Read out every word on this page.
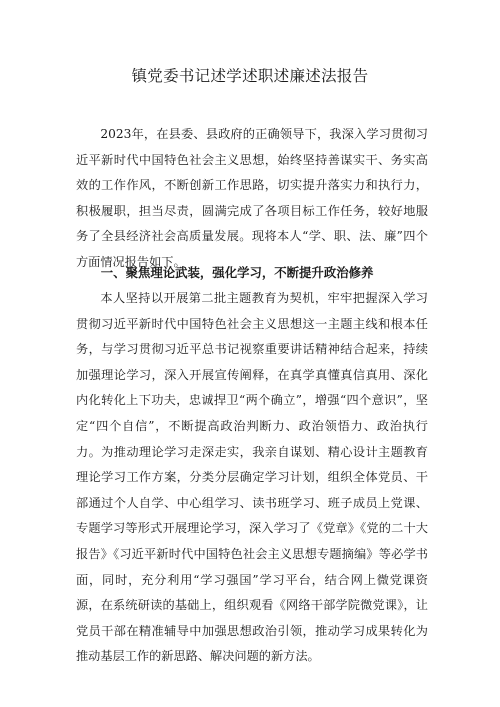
镇党委书记述学述职述廉述法报告

2023年，在县委、县政府的正确领导下，我深入学习贯彻习近平新时代中国特色社会主义思想，始终坚持善谋实干、务实高效的工作作风，不断创新工作思路，切实提升落实力和执行力，积极履职，担当尽责，圆满完成了各项目标工作任务，较好地服务了全县经济社会高质量发展。现将本人“学、职、法、廉”四个方面情况报告如下。

一、聚焦理论武装，强化学习，不断提升政治修养

本人坚持以开展第二批主题教育为契机，牢牢把握深入学习贯彻习近平新时代中国特色社会主义思想这一主题主线和根本任务，与学习贯彻习近平总书记视察重要讲话精神结合起来，持续加强理论学习，深入开展宣传阐释，在真学真懂真信真用、深化内化转化上下功夫，忠诚捍卫“两个确立”，增强“四个意识”，坚定“四个自信”，不断提高政治判断力、政治领悟力、政治执行力。为推动理论学习走深走实，我亲自谋划、精心设计主题教育理论学习工作方案，分类分层确定学习计划，组织全体党员、干部通过个人自学、中心组学习、读书班学习、班子成员上党课、专题学习等形式开展理论学习，深入学习了《党章》《党的二十大报告》《习近平新时代中国特色社会主义思想专题摘编》等必学书面，同时，充分利用“学习强国”学习平台，结合网上微党课资源，在系统研读的基础上，组织观看《网络干部学院微党课》，让党员干部在精准辅导中加强思想政治引领，推动学习成果转化为推动基层工作的新思路、解决问题的新方法。
